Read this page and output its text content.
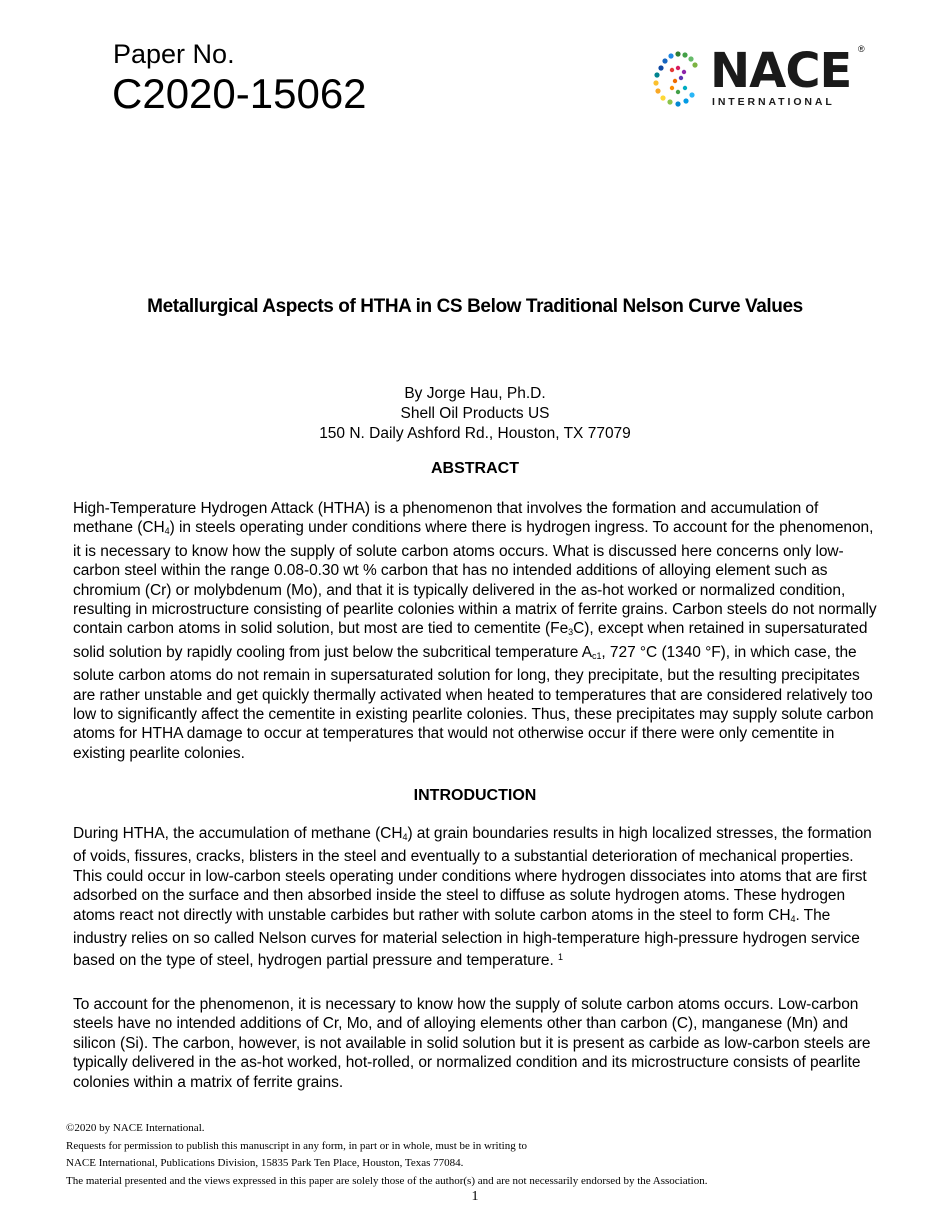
Paper No.
C2020-15062	NACE ®
INTERNATIONAL
Metallurgical Aspects of HTHA in CS Below Traditional Nelson Curve Values
By Jorge Hau, Ph.D.
Shell Oil Products US
150 N. Daily Ashford Rd., Houston, TX 77079
ABSTRACT
High-Temperature Hydrogen Attack (HTHA) is a phenomenon that involves the formation and accumulation of methane $(CH_4)$ in steels operating under conditions where there is hydrogen ingress. To account for the phenomenon, it is necessary to know how the supply of solute carbon atoms occurs. What is discussed here concerns only low-carbon steel within the range 0.08-0.30 wt % carbon that has no intended additions of alloying element such as chromium (Cr) or molybdenum (Mo), and that it is typically delivered in the as-hot worked or normalized condition, resulting in microstructure consisting of pearlite colonies within a matrix of ferrite grains. Carbon steels do not normally contain carbon atoms in solid solution, but most are tied to cementite $(Fe_3C)$, except when retained in supersaturated solid solution by rapidly cooling from just below the subcritical temperature $A_{c1}$, 727 °C (1340 °F), in which case, the solute carbon atoms do not remain in supersaturated solution for long, they precipitate, but the resulting precipitates are rather unstable and get quickly thermally activated when heated to temperatures that are considered relatively too low to significantly affect the cementite in existing pearlite colonies. Thus, these precipitates may supply solute carbon atoms for HTHA damage to occur at temperatures that would not otherwise occur if there were only cementite in existing pearlite colonies.
INTRODUCTION
During HTHA, the accumulation of methane $(CH_4)$ at grain boundaries results in high localized stresses, the formation of voids, fissures, cracks, blisters in the steel and eventually to a substantial deterioration of mechanical properties. This could occur in low-carbon steels operating under conditions where hydrogen dissociates into atoms that are first adsorbed on the surface and then absorbed inside the steel to diffuse as solute hydrogen atoms. These hydrogen atoms react not directly with unstable carbides but rather with solute carbon atoms in the steel to form $CH_4$. The industry relies on so called Nelson curves for material selection in high-temperature high-pressure hydrogen service based on the type of steel, hydrogen partial pressure and temperature. $^1$
To account for the phenomenon, it is necessary to know how the supply of solute carbon atoms occurs. Low-carbon steels have no intended additions of Cr, Mo, and of alloying elements other than carbon (C), manganese (Mn) and silicon (Si). The carbon, however, is not available in solid solution but it is present as carbide as low-carbon steels are typically delivered in the as-hot worked, hot-rolled, or normalized condition and its microstructure consists of pearlite colonies within a matrix of ferrite grains.
©2020 by NACE International.
Requests for permission to publish this manuscript in any form, in part or in whole, must be in writing to
NACE International, Publications Division, 15835 Park Ten Place, Houston, Texas 77084.
The material presented and the views expressed in this paper are solely those of the author(s) and are not necessarily endorsed by the Association.
1
